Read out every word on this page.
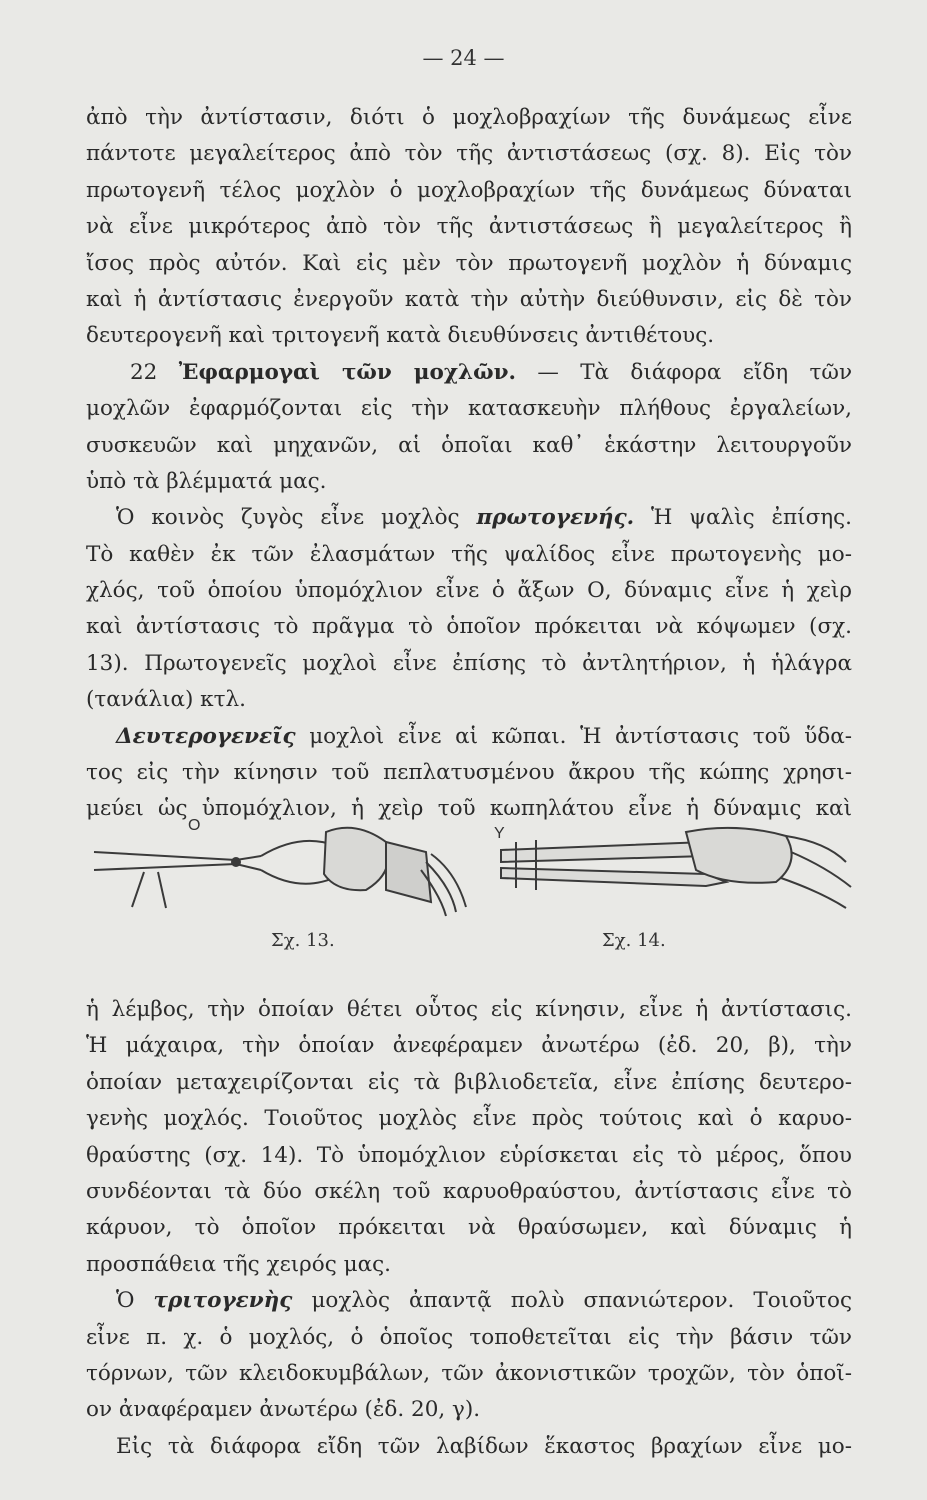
— 24 —
ἀπὸ τὴν ἀντίστασιν, διότι ὁ μοχλοβραχίων τῆς δυνάμεως εἶνε
πάντοτε μεγαλείτερος ἀπὸ τὸν τῆς ἀντιστάσεως (σχ. 8). Εἰς τὸν
πρωτογενῆ τέλος μοχλὸν ὁ μοχλοβραχίων τῆς δυνάμεως δύναται
νὰ εἶνε μικρότερος ἀπὸ τὸν τῆς ἀντιστάσεως ἢ μεγαλείτερος ἢ
ἴσος πρὸς αὐτόν. Καὶ εἰς μὲν τὸν πρωτογενῆ μοχλὸν ἡ δύναμις
καὶ ἡ ἀντίστασις ἐνεργοῦν κατὰ τὴν αὐτὴν διεύθυνσιν, εἰς δὲ τὸν
δευτερογενῆ καὶ τριτογενῆ κατὰ διευθύνσεις ἀντιθέτους.
22 Ἐφαρμογαὶ τῶν μοχλῶν. — Τὰ διάφορα εἴδη τῶν
μοχλῶν ἐφαρμόζονται εἰς τὴν κατασκευὴν πλήθους ἐργαλείων,
συσκευῶν καὶ μηχανῶν, αἱ ὁποῖαι καθ᾽ ἑκάστην λειτουργοῦν
ὑπὸ τὰ βλέμματά μας.
Ὁ κοινὸς ζυγὸς εἶνε μοχλὸς πρωτογενής. Ἡ ψαλὶς ἐπίσης.
Τὸ καθὲν ἐκ τῶν ἐλασμάτων τῆς ψαλίδος εἶνε πρωτογενὴς μο-
χλός, τοῦ ὁποίου ὑπομόχλιον εἶνε ὁ ἄξων Ο, δύναμις εἶνε ἡ χεὶρ
καὶ ἀντίστασις τὸ πρᾶγμα τὸ ὁποῖον πρόκειται νὰ κόψωμεν (σχ.
13). Πρωτογενεῖς μοχλοὶ εἶνε ἐπίσης τὸ ἀντλητήριον, ἡ ἡλάγρα
(τανάλια) κτλ.
Δευτερογενεῖς μοχλοὶ εἶνε αἱ κῶπαι. Ἡ ἀντίστασις τοῦ ὕδα-
τος εἰς τὴν κίνησιν τοῦ πεπλατυσμένου ἄκρου τῆς κώπης χρησι-
μεύει ὡς ὑπομόχλιον, ἡ χεὶρ τοῦ κωπηλάτου εἶνε ἡ δύναμις καὶ
O	Y
Σχ. 13.	Σχ. 14.
ἡ λέμβος, τὴν ὁποίαν θέτει οὗτος εἰς κίνησιν, εἶνε ἡ ἀντίστασις.
Ἡ μάχαιρα, τὴν ὁποίαν ἀνεφέραμεν ἀνωτέρω (ἐδ. 20, β), τὴν
ὁποίαν μεταχειρίζονται εἰς τὰ βιβλιοδετεῖα, εἶνε ἐπίσης δευτερο-
γενὴς μοχλός. Τοιοῦτος μοχλὸς εἶνε πρὸς τούτοις καὶ ὁ καρυο-
θραύστης (σχ. 14). Τὸ ὑπομόχλιον εὑρίσκεται εἰς τὸ μέρος, ὅπου
συνδέονται τὰ δύο σκέλη τοῦ καρυοθραύστου, ἀντίστασις εἶνε τὸ
κάρυον, τὸ ὁποῖον πρόκειται νὰ θραύσωμεν, καὶ δύναμις ἡ
προσπάθεια τῆς χειρός μας.
Ὁ τριτογενὴς μοχλὸς ἀπαντᾷ πολὺ σπανιώτερον. Τοιοῦτος
εἶνε π. χ. ὁ μοχλός, ὁ ὁποῖος τοποθετεῖται εἰς τὴν βάσιν τῶν
τόρνων, τῶν κλειδοκυμβάλων, τῶν ἀκονιστικῶν τροχῶν, τὸν ὁποῖ-
ον ἀναφέραμεν ἀνωτέρω (ἐδ. 20, γ).
Εἰς τὰ διάφορα εἴδη τῶν λαβίδων ἕκαστος βραχίων εἶνε μο-
